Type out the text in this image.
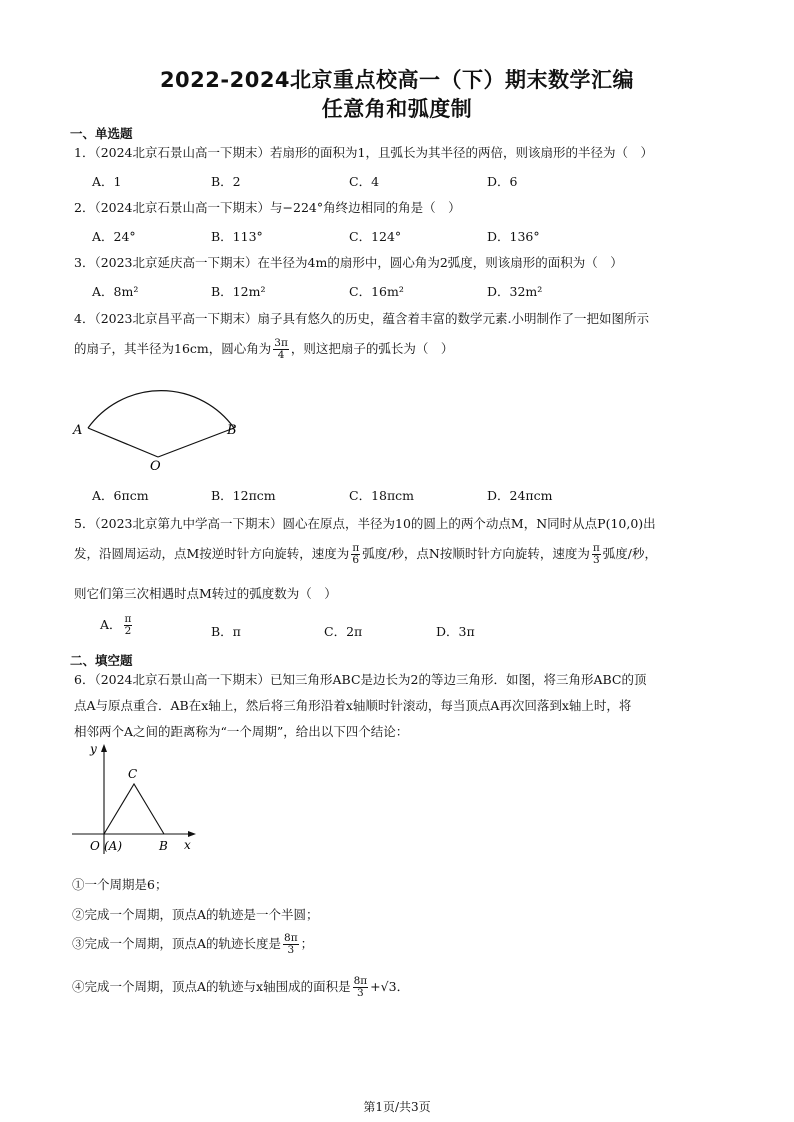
2022-2024北京重点校高一（下）期末数学汇编
任意角和弧度制
一、单选题
1．（2024北京石景山高一下期末）若扇形的面积为1，且弧长为其半径的两倍，则该扇形的半径为（　）
A．1	B．2	C．4	D．6
2．（2024北京石景山高一下期末）与−224°角终边相同的角是（　）
A．24°	B．113°	C．124°	D．136°
3．（2023北京延庆高一下期末）在半径为4m的扇形中，圆心角为2弧度，则该扇形的面积为（　）
A．8m²	B．12m²	C．16m²	D．32m²
4．（2023北京昌平高一下期末）扇子具有悠久的历史，蕴含着丰富的数学元素.小明制作了一把如图所示
的扇子，其半径为16cm，圆心角为 $\frac{3\pi}{4}$ ，则这把扇子的弧长为（　）
A	B
O
A．6πcm	B．12πcm	C．18πcm	D．24πcm
5．（2023北京第九中学高一下期末）圆心在原点，半径为10的圆上的两个动点M，N同时从点P(10,0)出
发，沿圆周运动，点M按逆时针方向旋转，速度为 $\frac{\pi}{6}$ 弧度/秒，点N按顺时针方向旋转，速度为 $\frac{\pi}{3}$ 弧度/秒，
则它们第三次相遇时点M转过的弧度数为（　）
A． $\frac{\pi}{2}$	B．π	C．2π	D．3π
二、填空题
6．（2024北京石景山高一下期末）已知三角形ABC是边长为2的等边三角形．如图，将三角形ABC的顶
点A与原点重合．AB在x轴上，然后将三角形沿着x轴顺时针滚动，每当顶点A再次回落到x轴上时，将
相邻两个A之间的距离称为“一个周期”，给出以下四个结论：
y
C
O (A)	B x
①一个周期是6；
②完成一个周期，顶点A的轨迹是一个半圆；
③完成一个周期，顶点A的轨迹长度是 $\frac{8\pi}{3}$ ；
④完成一个周期，顶点A的轨迹与x轴围成的面积是 $\frac{8\pi}{3} +√3$．
第1页/共3页
